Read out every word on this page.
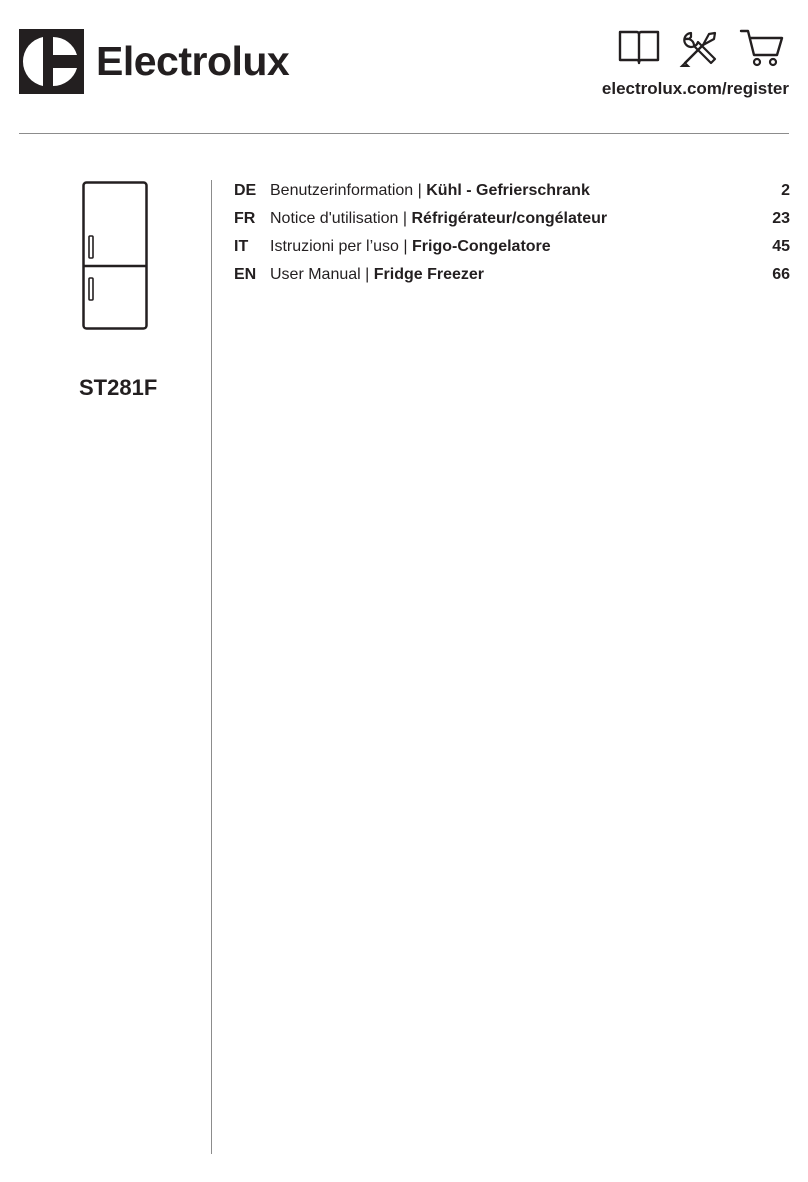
Electrolux
electrolux.com/register
ST281F
DE Benutzerinformation | Kühl - Gefrierschrank	2
FR Notice d'utilisation | Réfrigérateur/congélateur	23
IT	Istruzioni per l’uso | Frigo-Congelatore	45
EN User Manual | Fridge Freezer	66
